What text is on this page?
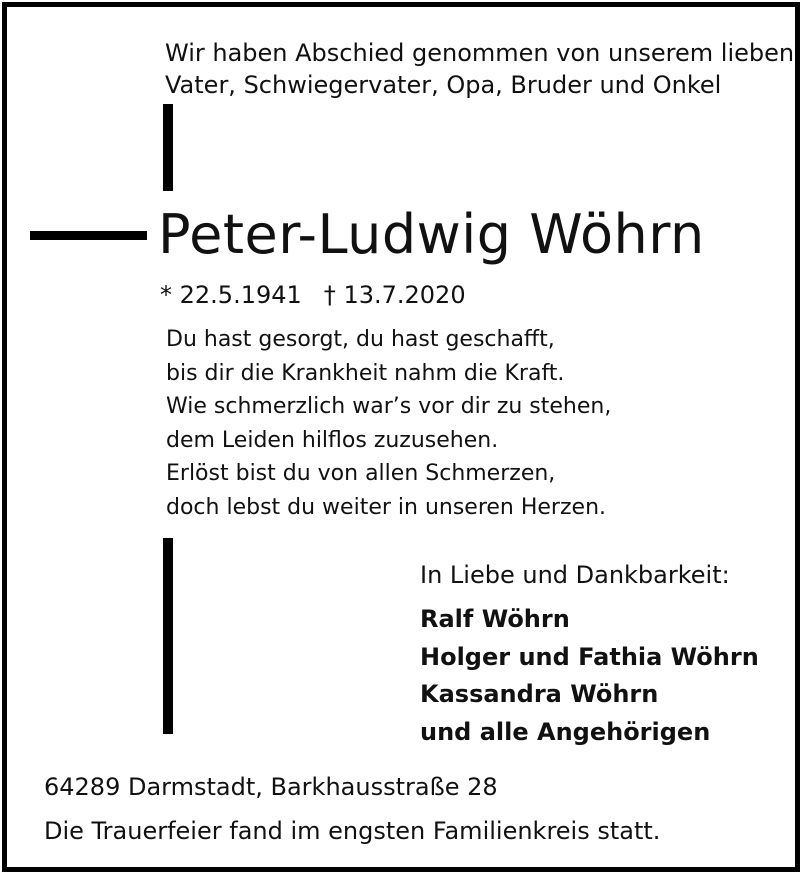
Wir haben Abschied genommen von unserem lieben
Vater, Schwiegervater, Opa, Bruder und Onkel
Peter-Ludwig Wöhrn
* 22.5.1941 † 13.7.2020
Du hast gesorgt, du hast geschafft,
bis dir die Krankheit nahm die Kraft.
Wie schmerzlich war’s vor dir zu stehen,
dem Leiden hilflos zuzusehen.
Erlöst bist du von allen Schmerzen,
doch lebst du weiter in unseren Herzen.
In Liebe und Dankbarkeit:
Ralf Wöhrn
Holger und Fathia Wöhrn
Kassandra Wöhrn
und alle Angehörigen
64289 Darmstadt, Barkhausstraße 28
Die Trauerfeier fand im engsten Familienkreis statt.
